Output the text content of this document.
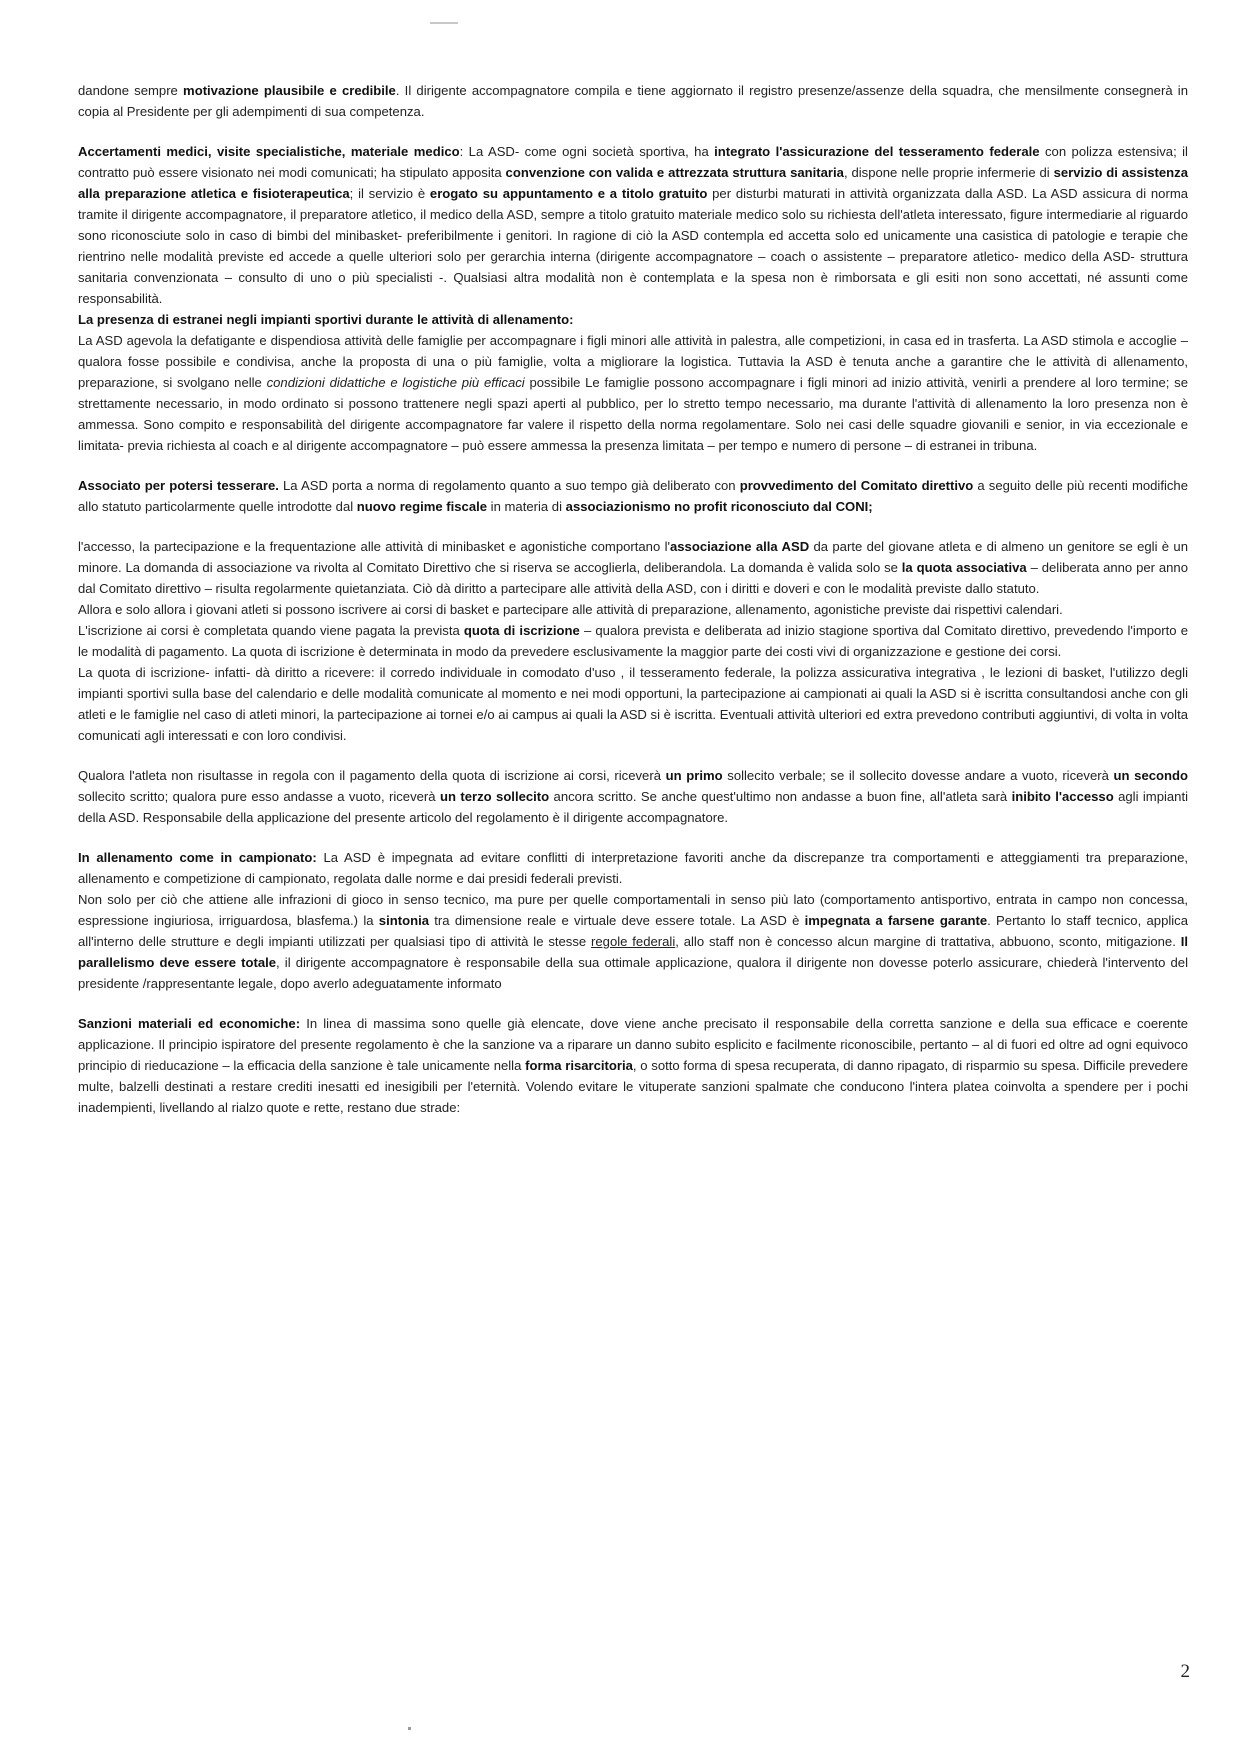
dandone sempre motivazione plausibile e credibile. Il dirigente accompagnatore compila e tiene aggiornato il registro presenze/assenze della squadra, che mensilmente consegnerà in copia al Presidente per gli adempimenti di sua competenza.

Accertamenti medici, visite specialistiche, materiale medico: La ASD- come ogni società sportiva, ha integrato l'assicurazione del tesseramento federale con polizza estensiva; il contratto può essere visionato nei modi comunicati; ha stipulato apposita convenzione con valida e attrezzata struttura sanitaria, dispone nelle proprie infermerie di servizio di assistenza alla preparazione atletica e fisioterapeutica; il servizio è erogato su appuntamento e a titolo gratuito per disturbi maturati in attività organizzata dalla ASD. La ASD assicura di norma tramite il dirigente accompagnatore, il preparatore atletico, il medico della ASD, sempre a titolo gratuito materiale medico solo su richiesta dell'atleta interessato, figure intermediarie al riguardo sono riconosciute solo in caso di bimbi del minibasket- preferibilmente i genitori. In ragione di ciò la ASD contempla ed accetta solo ed unicamente una casistica di patologie e terapie che rientrino nelle modalità previste ed accede a quelle ulteriori solo per gerarchia interna (dirigente accompagnatore – coach o assistente – preparatore atletico- medico della ASD- struttura sanitaria convenzionata – consulto di uno o più specialisti -. Qualsiasi altra modalità non è contemplata e la spesa non è rimborsata e gli esiti non sono accettati, né assunti come responsabilità.

La presenza di estranei negli impianti sportivi durante le attività di allenamento:
La ASD agevola la defatigante e dispendiosa attività delle famiglie per accompagnare i figli minori alle attività in palestra, alle competizioni, in casa ed in trasferta. La ASD stimola e accoglie – qualora fosse possibile e condivisa, anche la proposta di una o più famiglie, volta a migliorare la logistica. Tuttavia la ASD è tenuta anche a garantire che le attività di allenamento, preparazione, si svolgano nelle condizioni didattiche e logistiche più efficaci possibile Le famiglie possono accompagnare i figli minori ad inizio attività, venirli a prendere al loro termine; se strettamente necessario, in modo ordinato si possono trattenere negli spazi aperti al pubblico, per lo stretto tempo necessario, ma durante l'attività di allenamento la loro presenza non è ammessa. Sono compito e responsabilità del dirigente accompagnatore far valere il rispetto della norma regolamentare. Solo nei casi delle squadre giovanili e senior, in via eccezionale e limitata- previa richiesta al coach e al dirigente accompagnatore – può essere ammessa la presenza limitata – per tempo e numero di persone – di estranei in tribuna.

Associato per potersi tesserare. La ASD porta a norma di regolamento quanto a suo tempo già deliberato con provvedimento del Comitato direttivo a seguito delle più recenti modifiche allo statuto particolarmente quelle introdotte dal nuovo regime fiscale in materia di associazionismo no profit riconosciuto dal CONI;

l'accesso, la partecipazione e la frequentazione alle attività di minibasket e agonistiche comportano l'associazione alla ASD da parte del giovane atleta e di almeno un genitore se egli è un minore. La domanda di associazione va rivolta al Comitato Direttivo che si riserva se accoglierla, deliberandola. La domanda è valida solo se la quota associativa – deliberata anno per anno dal Comitato direttivo – risulta regolarmente quietanziata. Ciò dà diritto a partecipare alle attività della ASD, con i diritti e doveri e con le modalità previste dallo statuto.

Allora e solo allora i giovani atleti si possono iscrivere ai corsi di basket e partecipare alle attività di preparazione, allenamento, agonistiche previste dai rispettivi calendari.

L'iscrizione ai corsi è completata quando viene pagata la prevista quota di iscrizione – qualora prevista e deliberata ad inizio stagione sportiva dal Comitato direttivo, prevedendo l'importo e le modalità di pagamento. La quota di iscrizione è determinata in modo da prevedere esclusivamente la maggior parte dei costi vivi di organizzazione e gestione dei corsi.

La quota di iscrizione- infatti- dà diritto a ricevere: il corredo individuale in comodato d'uso , il tesseramento federale, la polizza assicurativa integrativa , le lezioni di basket, l'utilizzo degli impianti sportivi sulla base del calendario e delle modalità comunicate al momento e nei modi opportuni, la partecipazione ai campionati ai quali la ASD si è iscritta consultandosi anche con gli atleti e le famiglie nel caso di atleti minori, la partecipazione ai tornei e/o ai campus ai quali la ASD si è iscritta. Eventuali attività ulteriori ed extra prevedono contributi aggiuntivi, di volta in volta comunicati agli interessati e con loro condivisi.

Qualora l'atleta non risultasse in regola con il pagamento della quota di iscrizione ai corsi, riceverà un primo sollecito verbale; se il sollecito dovesse andare a vuoto, riceverà un secondo sollecito scritto; qualora pure esso andasse a vuoto, riceverà un terzo sollecito ancora scritto. Se anche quest'ultimo non andasse a buon fine, all'atleta sarà inibito l'accesso agli impianti della ASD. Responsabile della applicazione del presente articolo del regolamento è il dirigente accompagnatore.

In allenamento come in campionato: La ASD è impegnata ad evitare conflitti di interpretazione favoriti anche da discrepanze tra comportamenti e atteggiamenti tra preparazione, allenamento e competizione di campionato, regolata dalle norme e dai presidi federali previsti.

Non solo per ciò che attiene alle infrazioni di gioco in senso tecnico, ma pure per quelle comportamentali in senso più lato (comportamento antisportivo, entrata in campo non concessa, espressione ingiuriosa, irriguardosa, blasfema.) la sintonia tra dimensione reale e virtuale deve essere totale. La ASD è impegnata a farsene garante. Pertanto lo staff tecnico, applica all'interno delle strutture e degli impianti utilizzati per qualsiasi tipo di attività le stesse regole federali, allo staff non è concesso alcun margine di trattativa, abbuono, sconto, mitigazione. Il parallelismo deve essere totale, il dirigente accompagnatore è responsabile della sua ottimale applicazione, qualora il dirigente non dovesse poterlo assicurare, chiederà l'intervento del presidente /rappresentante legale, dopo averlo adeguatamente informato

Sanzioni materiali ed economiche: In linea di massima sono quelle già elencate, dove viene anche precisato il responsabile della corretta sanzione e della sua efficace e coerente applicazione. Il principio ispiratore del presente regolamento è che la sanzione va a riparare un danno subito esplicito e facilmente riconoscibile, pertanto – al di fuori ed oltre ad ogni equivoco principio di rieducazione – la efficacia della sanzione è tale unicamente nella forma risarcitoria, o sotto forma di spesa recuperata, di danno ripagato, di risparmio su spesa. Difficile prevedere multe, balzelli destinati a restare crediti inesatti ed inesigibili per l'eternità. Volendo evitare le vituperate sanzioni spalmate che conducono l'intera platea coinvolta a spendere per i pochi inadempienti, livellando al rialzo quote e rette, restano due strade:

2
